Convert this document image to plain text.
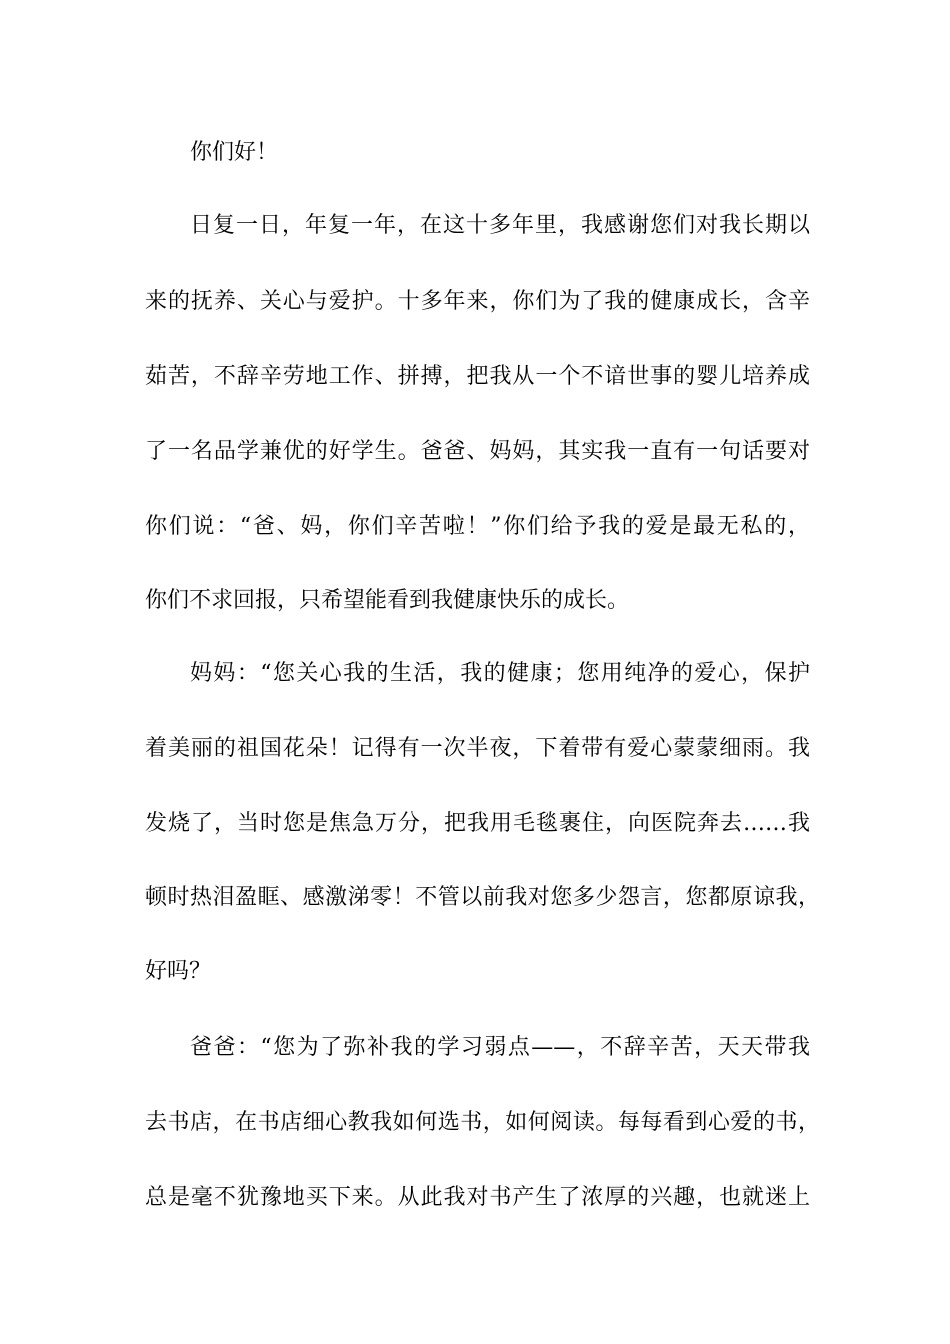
你们好！
日复一日，年复一年，在这十多年里，我感谢您们对我长期以
来的抚养、关心与爱护。十多年来，你们为了我的健康成长，含辛
茹苦，不辞辛劳地工作、拼搏，把我从一个不谙世事的婴儿培养成
了一名品学兼优的好学生。爸爸、妈妈，其实我一直有一句话要对
你们说：“爸、妈，你们辛苦啦！”你们给予我的爱是最无私的，
你们不求回报，只希望能看到我健康快乐的成长。
妈妈：“您关心我的生活，我的健康；您用纯净的爱心，保护
着美丽的祖国花朵！记得有一次半夜，下着带有爱心蒙蒙细雨。我
发烧了，当时您是焦急万分，把我用毛毯裹住，向医院奔去……我
顿时热泪盈眶、感激涕零！不管以前我对您多少怨言，您都原谅我，
好吗？
爸爸：“您为了弥补我的学习弱点——，不辞辛苦，天天带我
去书店，在书店细心教我如何选书，如何阅读。每每看到心爱的书，
总是毫不犹豫地买下来。从此我对书产生了浓厚的兴趣，也就迷上
